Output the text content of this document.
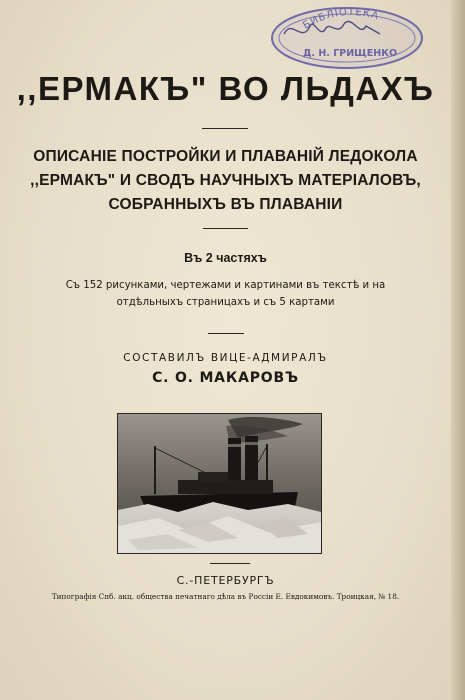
БИБЛІОТЕКА
Д. Н. ГРИЩЕНКО
,,ЕРМАКЪ" ВО ЛЬДАХЪ
ОПИСАНІЕ ПОСТРОЙКИ И ПЛАВАНІЙ ЛЕДОКОЛА
,,ЕРМАКЪ" И СВОДЪ НАУЧНЫХЪ МАТЕРІАЛОВЪ,
СОБРАННЫХЪ ВЪ ПЛАВАНІИ
Въ 2 частяхъ
Съ 152 рисунками, чертежами и картинами въ текстѣ и на
отдѣльныхъ страницахъ и съ 5 картами
СОСТАВИЛЪ ВИЦЕ-АДМИРАЛЪ
С. О. МАКАРОВЪ
С.-ПЕТЕРБУРГЪ
Типографія Спб. акц. общества печатнаго дѣла въ Россіи Е. Евдокимовъ. Троицкая, № 18.
